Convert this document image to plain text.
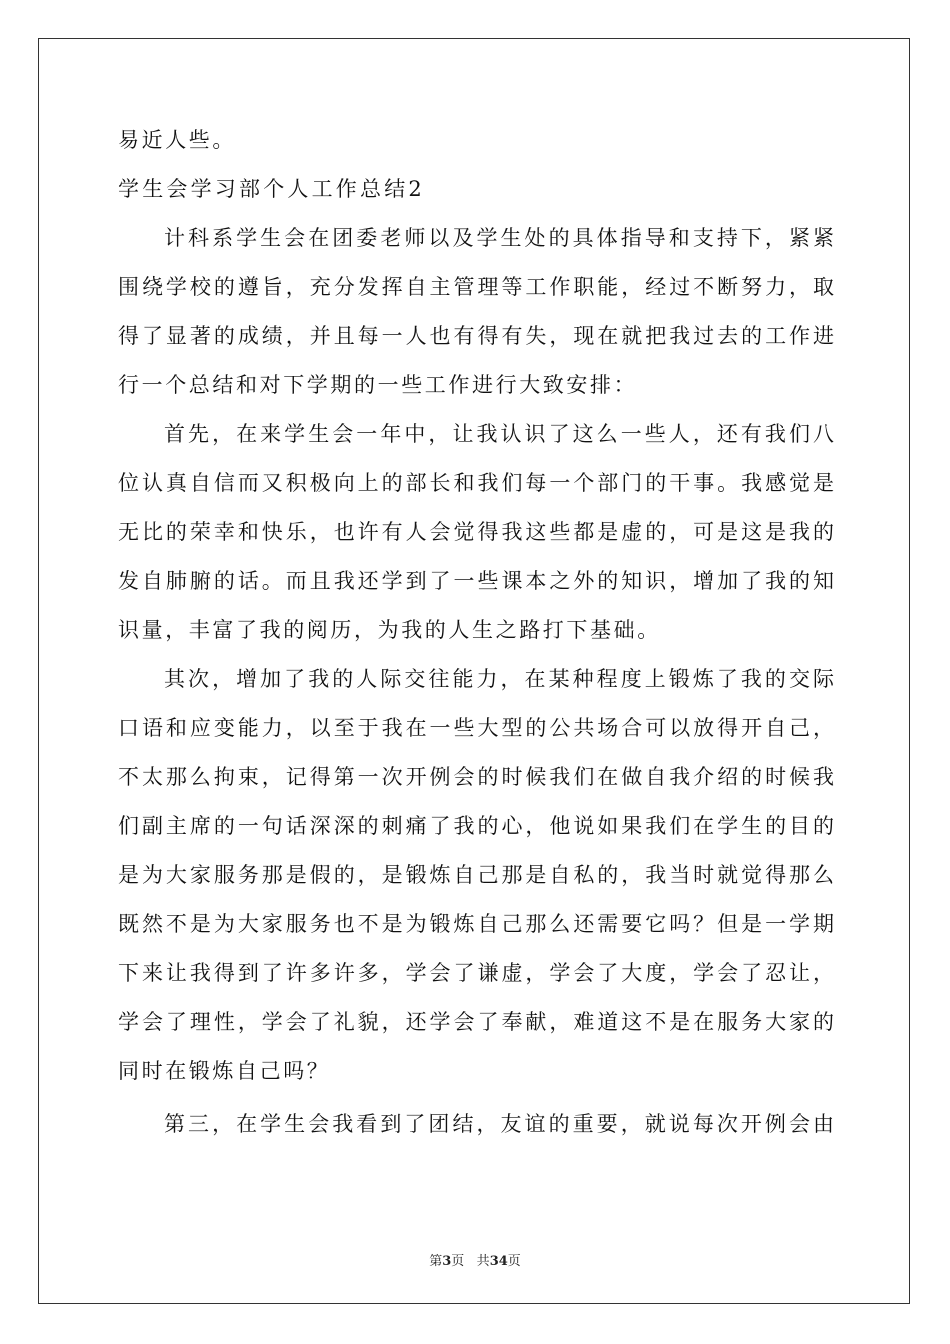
易近人些。
学生会学习部个人工作总结2
计科系学生会在团委老师以及学生处的具体指导和支持下，紧紧
围绕学校的遵旨，充分发挥自主管理等工作职能，经过不断努力，取
得了显著的成绩，并且每一人也有得有失，现在就把我过去的工作进
行一个总结和对下学期的一些工作进行大致安排：
首先，在来学生会一年中，让我认识了这么一些人，还有我们八
位认真自信而又积极向上的部长和我们每一个部门的干事。我感觉是
无比的荣幸和快乐，也许有人会觉得我这些都是虚的，可是这是我的
发自肺腑的话。而且我还学到了一些课本之外的知识，增加了我的知
识量，丰富了我的阅历，为我的人生之路打下基础。
其次，增加了我的人际交往能力，在某种程度上锻炼了我的交际
口语和应变能力，以至于我在一些大型的公共场合可以放得开自己，
不太那么拘束，记得第一次开例会的时候我们在做自我介绍的时候我
们副主席的一句话深深的刺痛了我的心，他说如果我们在学生的目的
是为大家服务那是假的，是锻炼自己那是自私的，我当时就觉得那么
既然不是为大家服务也不是为锻炼自己那么还需要它吗？但是一学期
下来让我得到了许多许多，学会了谦虚，学会了大度，学会了忍让，
学会了理性，学会了礼貌，还学会了奉献，难道这不是在服务大家的
同时在锻炼自己吗？
第三，在学生会我看到了团结，友谊的重要，就说每次开例会由
第3页 共34页
